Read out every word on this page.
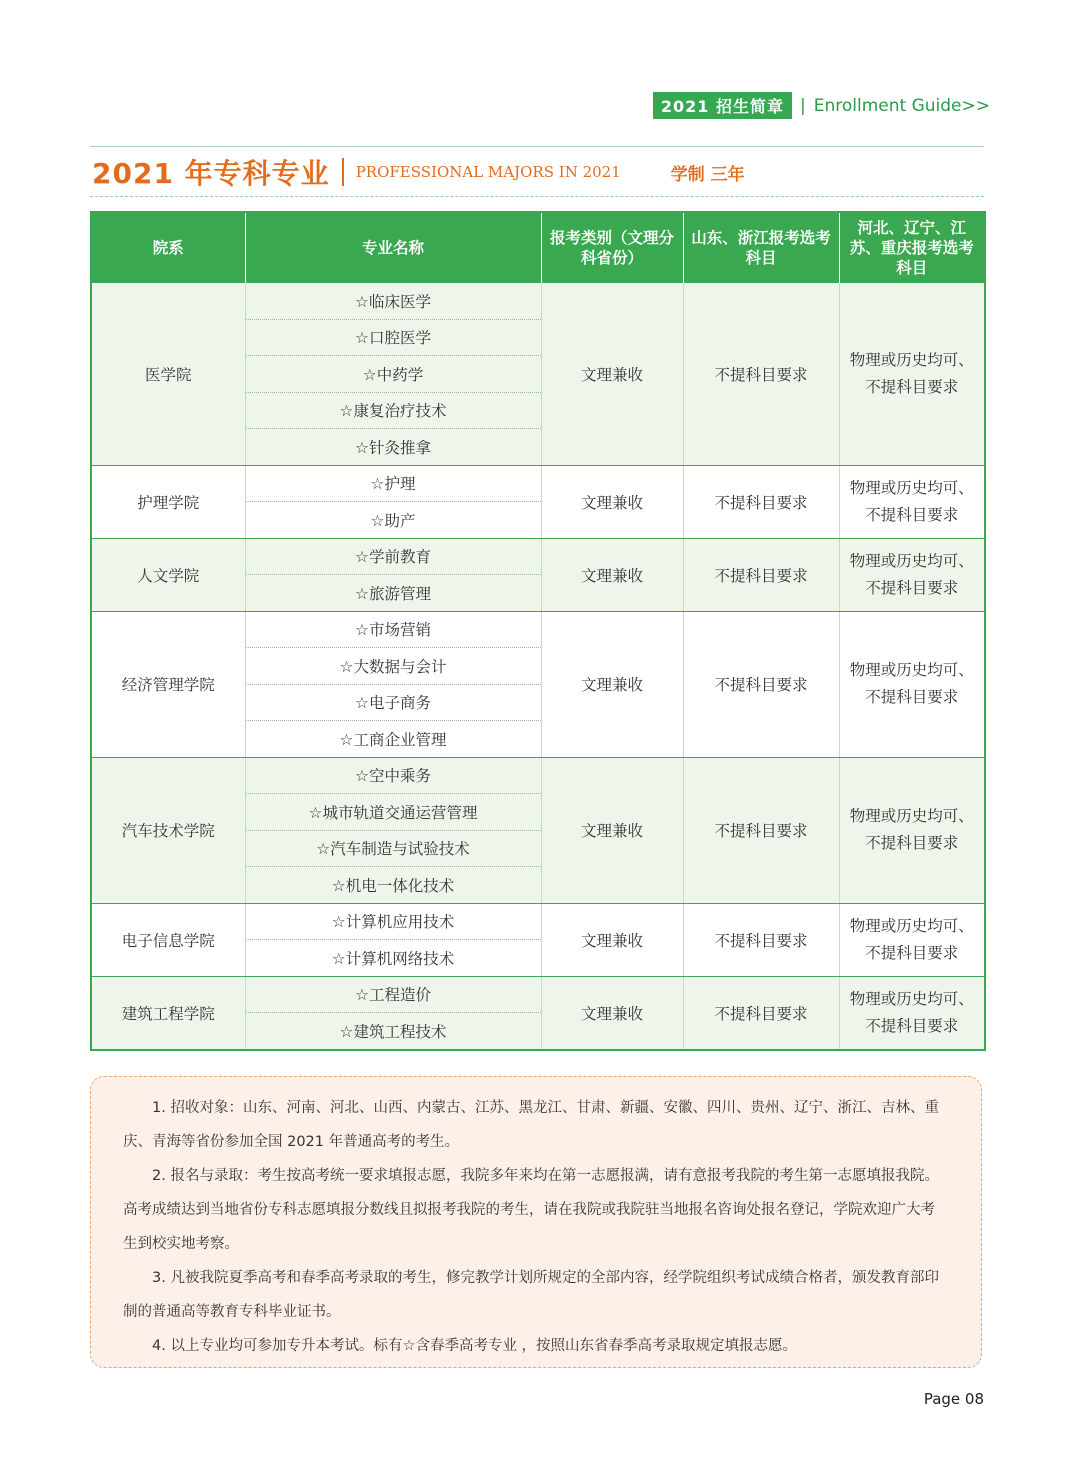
2021 招生简章 | Enrollment Guide>>
2021 年专科专业 PROFESSIONAL MAJORS IN 2021	学制 三年
院系	专业名称	报考类别（文理分科省份）	山东、浙江报考选考科目	河北、辽宁、江苏、重庆报考选考科目
医学院	☆临床医学	文理兼收	不提科目要求	物理或历史均可、不提科目要求
	☆口腔医学			
	☆中药学			
	☆康复治疗技术			
	☆针灸推拿			
护理学院	☆护理	文理兼收	不提科目要求	物理或历史均可、不提科目要求
	☆助产			
人文学院	☆学前教育	文理兼收	不提科目要求	物理或历史均可、不提科目要求
	☆旅游管理			
经济管理学院	☆市场营销	文理兼收	不提科目要求	物理或历史均可、不提科目要求
	☆大数据与会计			
	☆电子商务			
	☆工商企业管理			
汽车技术学院	☆空中乘务	文理兼收	不提科目要求	物理或历史均可、不提科目要求
	☆城市轨道交通运营管理			
	☆汽车制造与试验技术			
	☆机电一体化技术			
电子信息学院	☆计算机应用技术	文理兼收	不提科目要求	物理或历史均可、不提科目要求
	☆计算机网络技术			
建筑工程学院	☆工程造价	文理兼收	不提科目要求	物理或历史均可、不提科目要求
	☆建筑工程技术			

1. 招收对象：山东、河南、河北、山西、内蒙古、江苏、黑龙江、甘肃、新疆、安徽、四川、贵州、辽宁、浙江、吉林、重庆、青海等省份参加全国 2021 年普通高考的考生。

2. 报名与录取：考生按高考统一要求填报志愿，我院多年来均在第一志愿报满，请有意报考我院的考生第一志愿填报我院。高考成绩达到当地省份专科志愿填报分数线且拟报考我院的考生，请在我院或我院驻当地报名咨询处报名登记，学院欢迎广大考生到校实地考察。

3. 凡被我院夏季高考和春季高考录取的考生，修完教学计划所规定的全部内容，经学院组织考试成绩合格者，颁发教育部印制的普通高等教育专科毕业证书。

4. 以上专业均可参加专升本考试。标有☆含春季高考专业 ，按照山东省春季高考录取规定填报志愿。

Page 08
